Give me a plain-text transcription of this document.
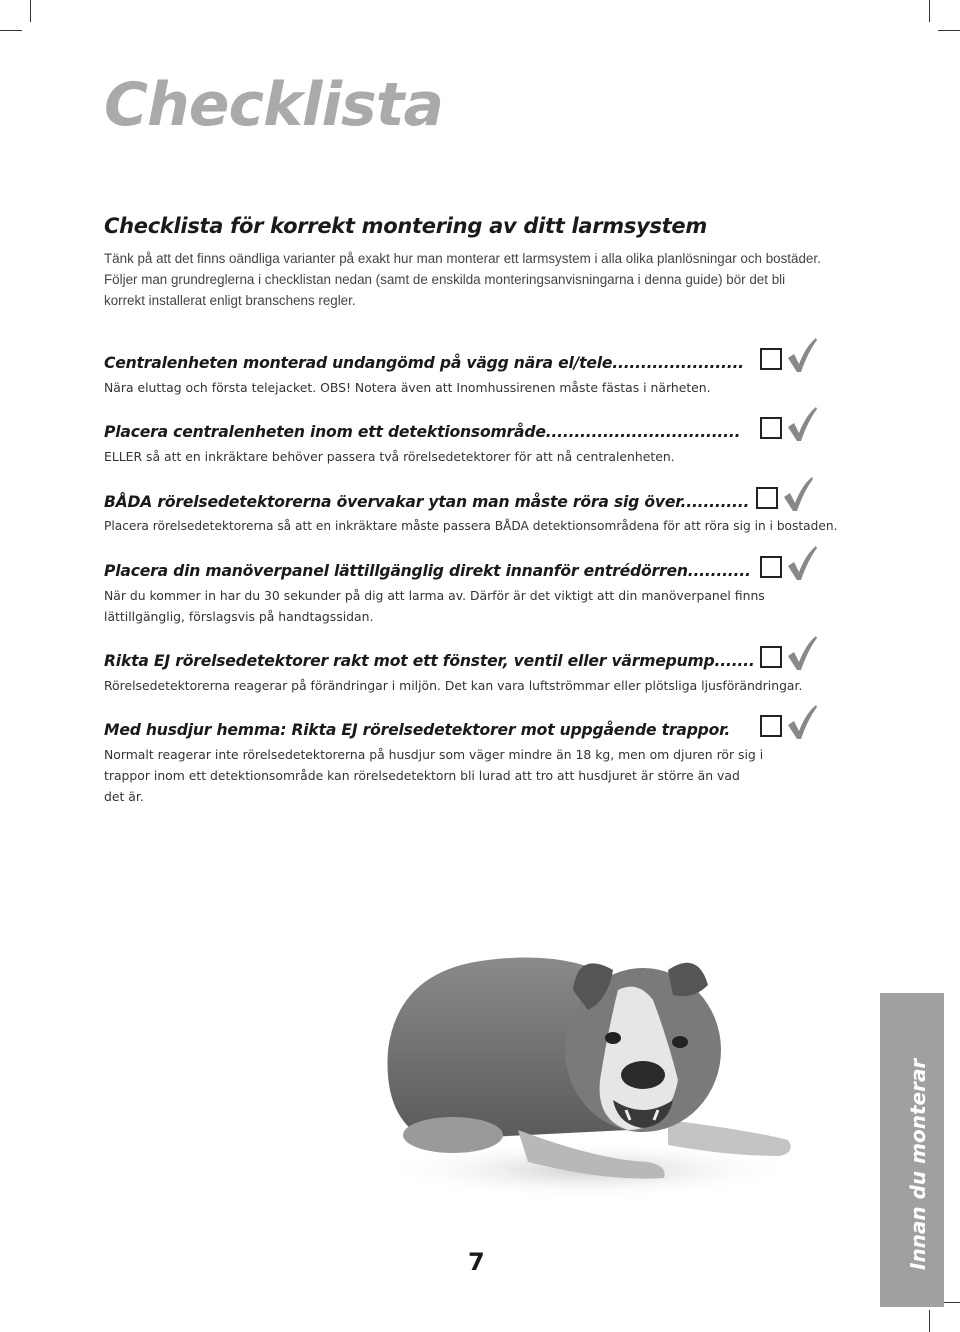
Checklista
Checklista för korrekt montering av ditt larmsystem

Tänk på att det finns oändliga varianter på exakt hur man monterar ett larmsystem i alla olika planlösningar och bostäder. Följer man grundreglerna i checklistan nedan (samt de enskilda monteringsanvisningarna i denna guide) bör det bli korrekt installerat enligt branschens regler.

Centralenheten monterad undangömd på vägg nära el/tele.......................

Nära eluttag och första telejacket. OBS! Notera även att Inomhussirenen måste fästas i närheten.

Placera centralenheten inom ett detektionsområde..................................

ELLER så att en inkräktare behöver passera två rörelsedetektorer för att nå centralenheten.

BÅDA rörelsedetektorerna övervakar ytan man måste röra sig över............

Placera rörelsedetektorerna så att en inkräktare måste passera BÅDA detektionsområdena för att röra sig in i bostaden.

Placera din manöverpanel lättillgänglig direkt innanför entrédörren...........

När du kommer in har du 30 sekunder på dig att larma av. Därför är det viktigt att din manöverpanel finns lättillgänglig, förslagsvis på handtagssidan.

Rikta EJ rörelsedetektorer rakt mot ett fönster, ventil eller värmepump.......

Rörelsedetektorerna reagerar på förändringar i miljön. Det kan vara luftströmmar eller plötsliga ljusförändringar.

Med husdjur hemma: Rikta EJ rörelsedetektorer mot uppgående trappor.

Normalt reagerar inte rörelsedetektorerna på husdjur som väger mindre än 18 kg, men om djuren rör sig i trappor inom ett detektionsområde kan rörelsedetektorn bli lurad att tro att husdjuret är större än vad det är.

7	Innan du monterar
